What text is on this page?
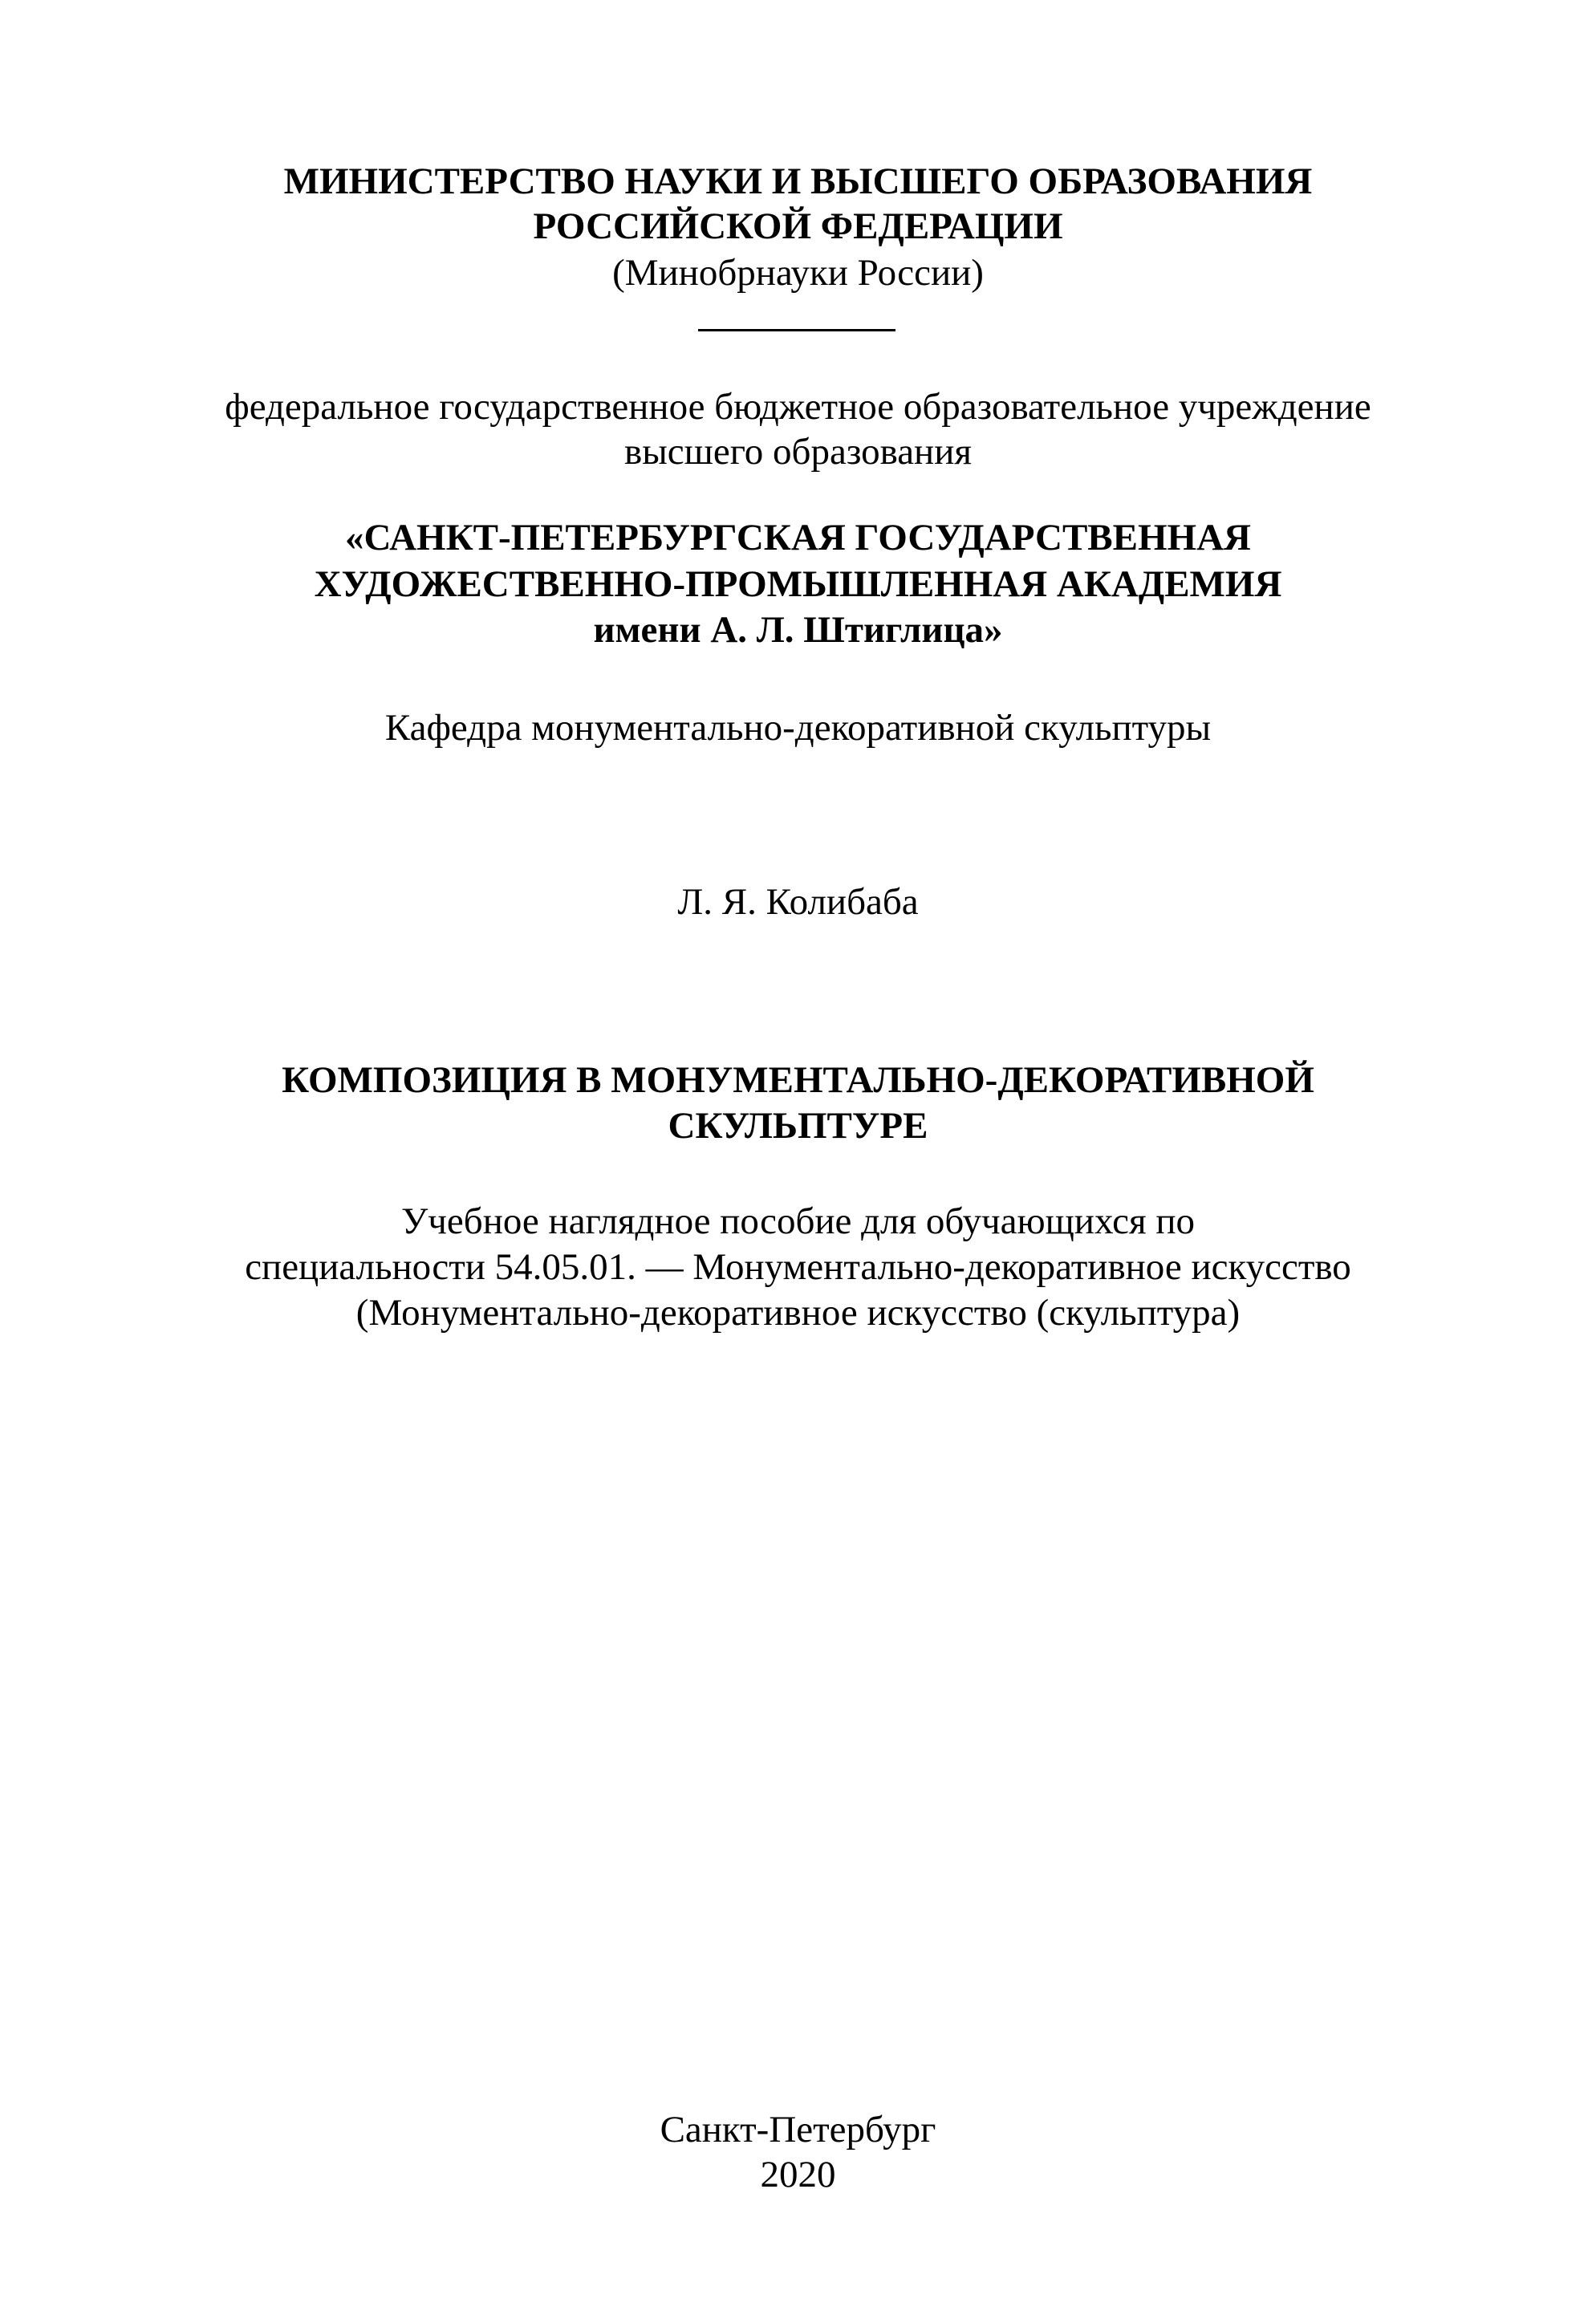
МИНИСТЕРСТВО НАУКИ И ВЫСШЕГО ОБРАЗОВАНИЯ

РОССИЙСКОЙ ФЕДЕРАЦИИ

(Минобрнауки России)

федеральное государственное бюджетное образовательное учреждение

высшего образования

«САНКТ-ПЕТЕРБУРГСКАЯ ГОСУДАРСТВЕННАЯ

ХУДОЖЕСТВЕННО-ПРОМЫШЛЕННАЯ АКАДЕМИЯ

имени А. Л. Штиглица»

Кафедра монументально-декоративной скульптуры

Л. Я. Колибаба

КОМПОЗИЦИЯ В МОНУМЕНТАЛЬНО-ДЕКОРАТИВНОЙ

СКУЛЬПТУРЕ

Учебное наглядное пособие для обучающихся по

специальности 54.05.01. — Монументально-декоративное искусство

(Монументально-декоративное искусство (скульптура)

Санкт-Петербург

2020
